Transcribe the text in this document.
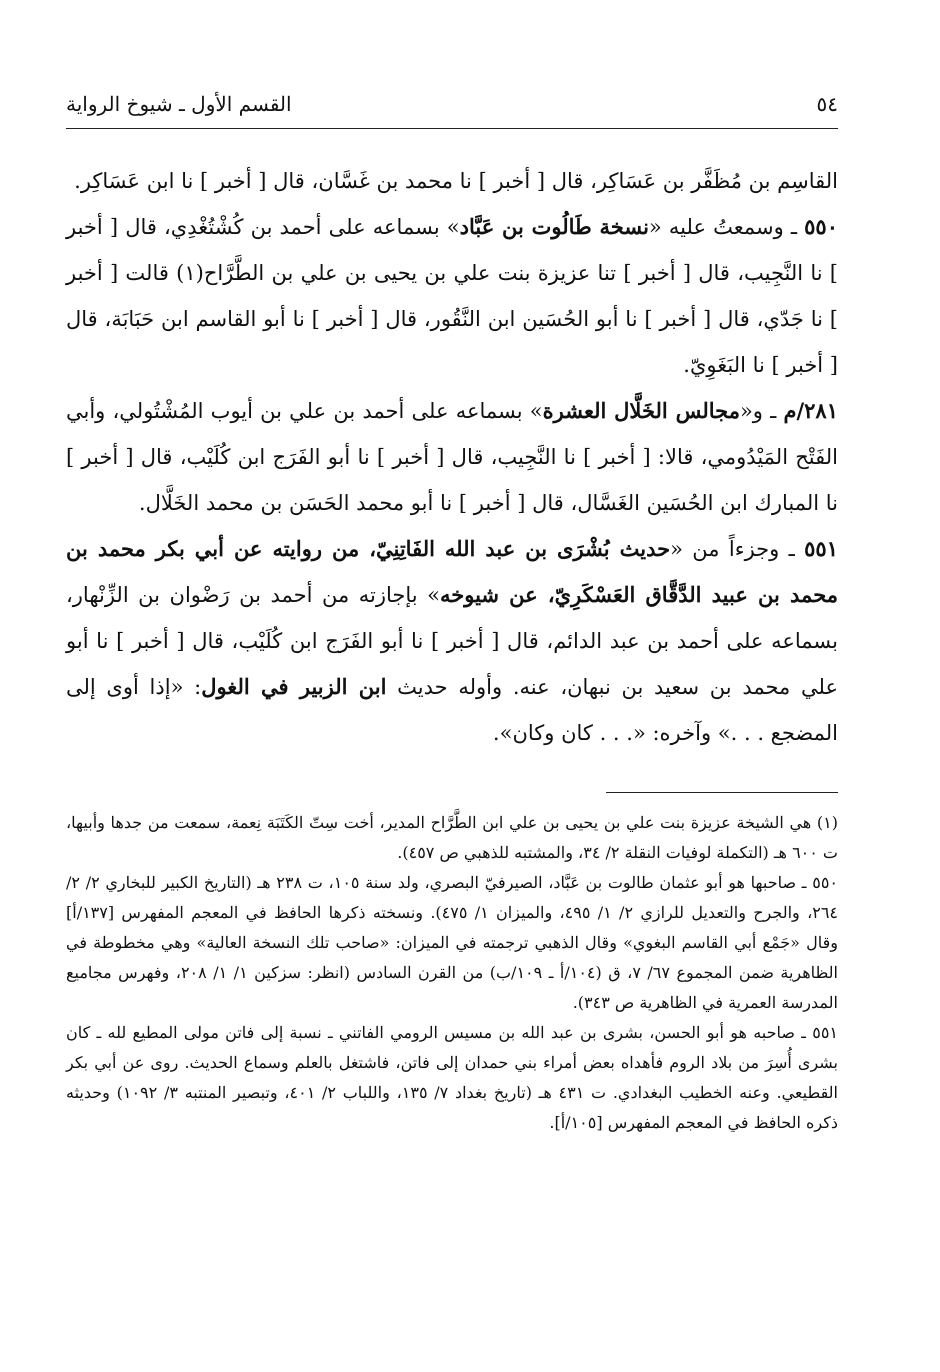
٥٤
القسم الأول ـ شيوخ الرواية

القاسِم بن مُظَفَّر بن عَسَاكِر، قال [ أخبر ] نا محمد بن غَسَّان، قال [ أخبر ] نا ابن عَسَاكِر.

٥٥٠ ـ وسمعتُ عليه «نسخة طَالُوت بن عَبَّاد» بسماعه على أحمد بن كُشْتُغْدِي، قال [ أخبر ] نا النَّجِيب، قال [ أخبر ] تنا عزيزة بنت علي بن يحيى بن علي بن الطَّرَّاح(١) قالت [ أخبر ] نا جَدّي، قال [ أخبر ] نا أبو الحُسَين ابن النَّقُور، قال [ أخبر ] نا أبو القاسم ابن حَبَابَة، قال [ أخبر ] نا البَغَوِيّ.

٢٨١/م ـ و«مجالس الخَلَّال العشرة» بسماعه على أحمد بن علي بن أيوب المُشْتُولي، وأبي الفَتْح المَيْدُومي، قالا: [ أخبر ] نا النَّجِيب، قال [ أخبر ] نا أبو الفَرَج ابن كُلَيْب، قال [ أخبر ] نا المبارك ابن الحُسَين الغَسَّال، قال [ أخبر ] نا أبو محمد الحَسَن بن محمد الخَلَّال.

٥٥١ ـ وجزءاً من «حديث بُشْرَى بن عبد الله الفَاتِنِيّ، من روايته عن أبي بكر محمد بن محمد بن عبيد الدَّقَّاق العَسْكَرِيّ، عن شيوخه» بإجازته من أحمد بن رَضْوان بن الزِّنْهار، بسماعه على أحمد بن عبد الدائم، قال [ أخبر ] نا أبو الفَرَج ابن كُلَيْب، قال [ أخبر ] نا أبو علي محمد بن سعيد بن نبهان، عنه. وأوله حديث ابن الزبير في الغول: «إذا أوى إلى المضجع . . .» وآخره: «. . . كان وكان».

(١) هي الشيخة عزيزة بنت علي بن يحيى بن علي ابن الطَّرَّاح المدير، أخت سِتّ الكَتَبَة نِعمة، سمعت من جدها وأبيها، ت ٦٠٠ هـ (التكملة لوفيات النقلة ٢/ ٣٤، والمشتبه للذهبي ص ٤٥٧).

٥٥٠ ـ صاحبها هو أبو عثمان طالوت بن عَبَّاد، الصيرفيّ البصري، ولد سنة ١٠٥، ت ٢٣٨ هـ (التاريخ الكبير للبخاري ٢/ ٢/ ٢٦٤، والجرح والتعديل للرازي ٢/ ١/ ٤٩٥، والميزان ١/ ٤٧٥). ونسخته ذكرها الحافظ في المعجم المفهرس [١٣٧/أ] وقال «جَمْع أبي القاسم البغوي» وقال الذهبي ترجمته في الميزان: «صاحب تلك النسخة العالية» وهي مخطوطة في الظاهرية ضمن المجموع ٦٧/ ٧، ق (١٠٤/أ ـ ١٠٩/ب) من القرن السادس (انظر: سزكين ١/ ١/ ٢٠٨، وفهرس مجاميع المدرسة العمرية في الظاهرية ص ٣٤٣).

٥٥١ ـ صاحبه هو أبو الحسن، بشرى بن عبد الله بن مسيس الرومي الفاتني ـ نسبة إلى فاتن مولى المطيع لله ـ كان بشرى أُسِرَ من بلاد الروم فأهداه بعض أمراء بني حمدان إلى فاتن، فاشتغل بالعلم وسماع الحديث. روى عن أبي بكر القطيعي. وعنه الخطيب البغدادي. ت ٤٣١ هـ (تاريخ بغداد ٧/ ١٣٥، واللباب ٢/ ٤٠١، وتبصير المنتبه ٣/ ١٠٩٢) وحديثه ذكره الحافظ في المعجم المفهرس [١٠٥/أ].
